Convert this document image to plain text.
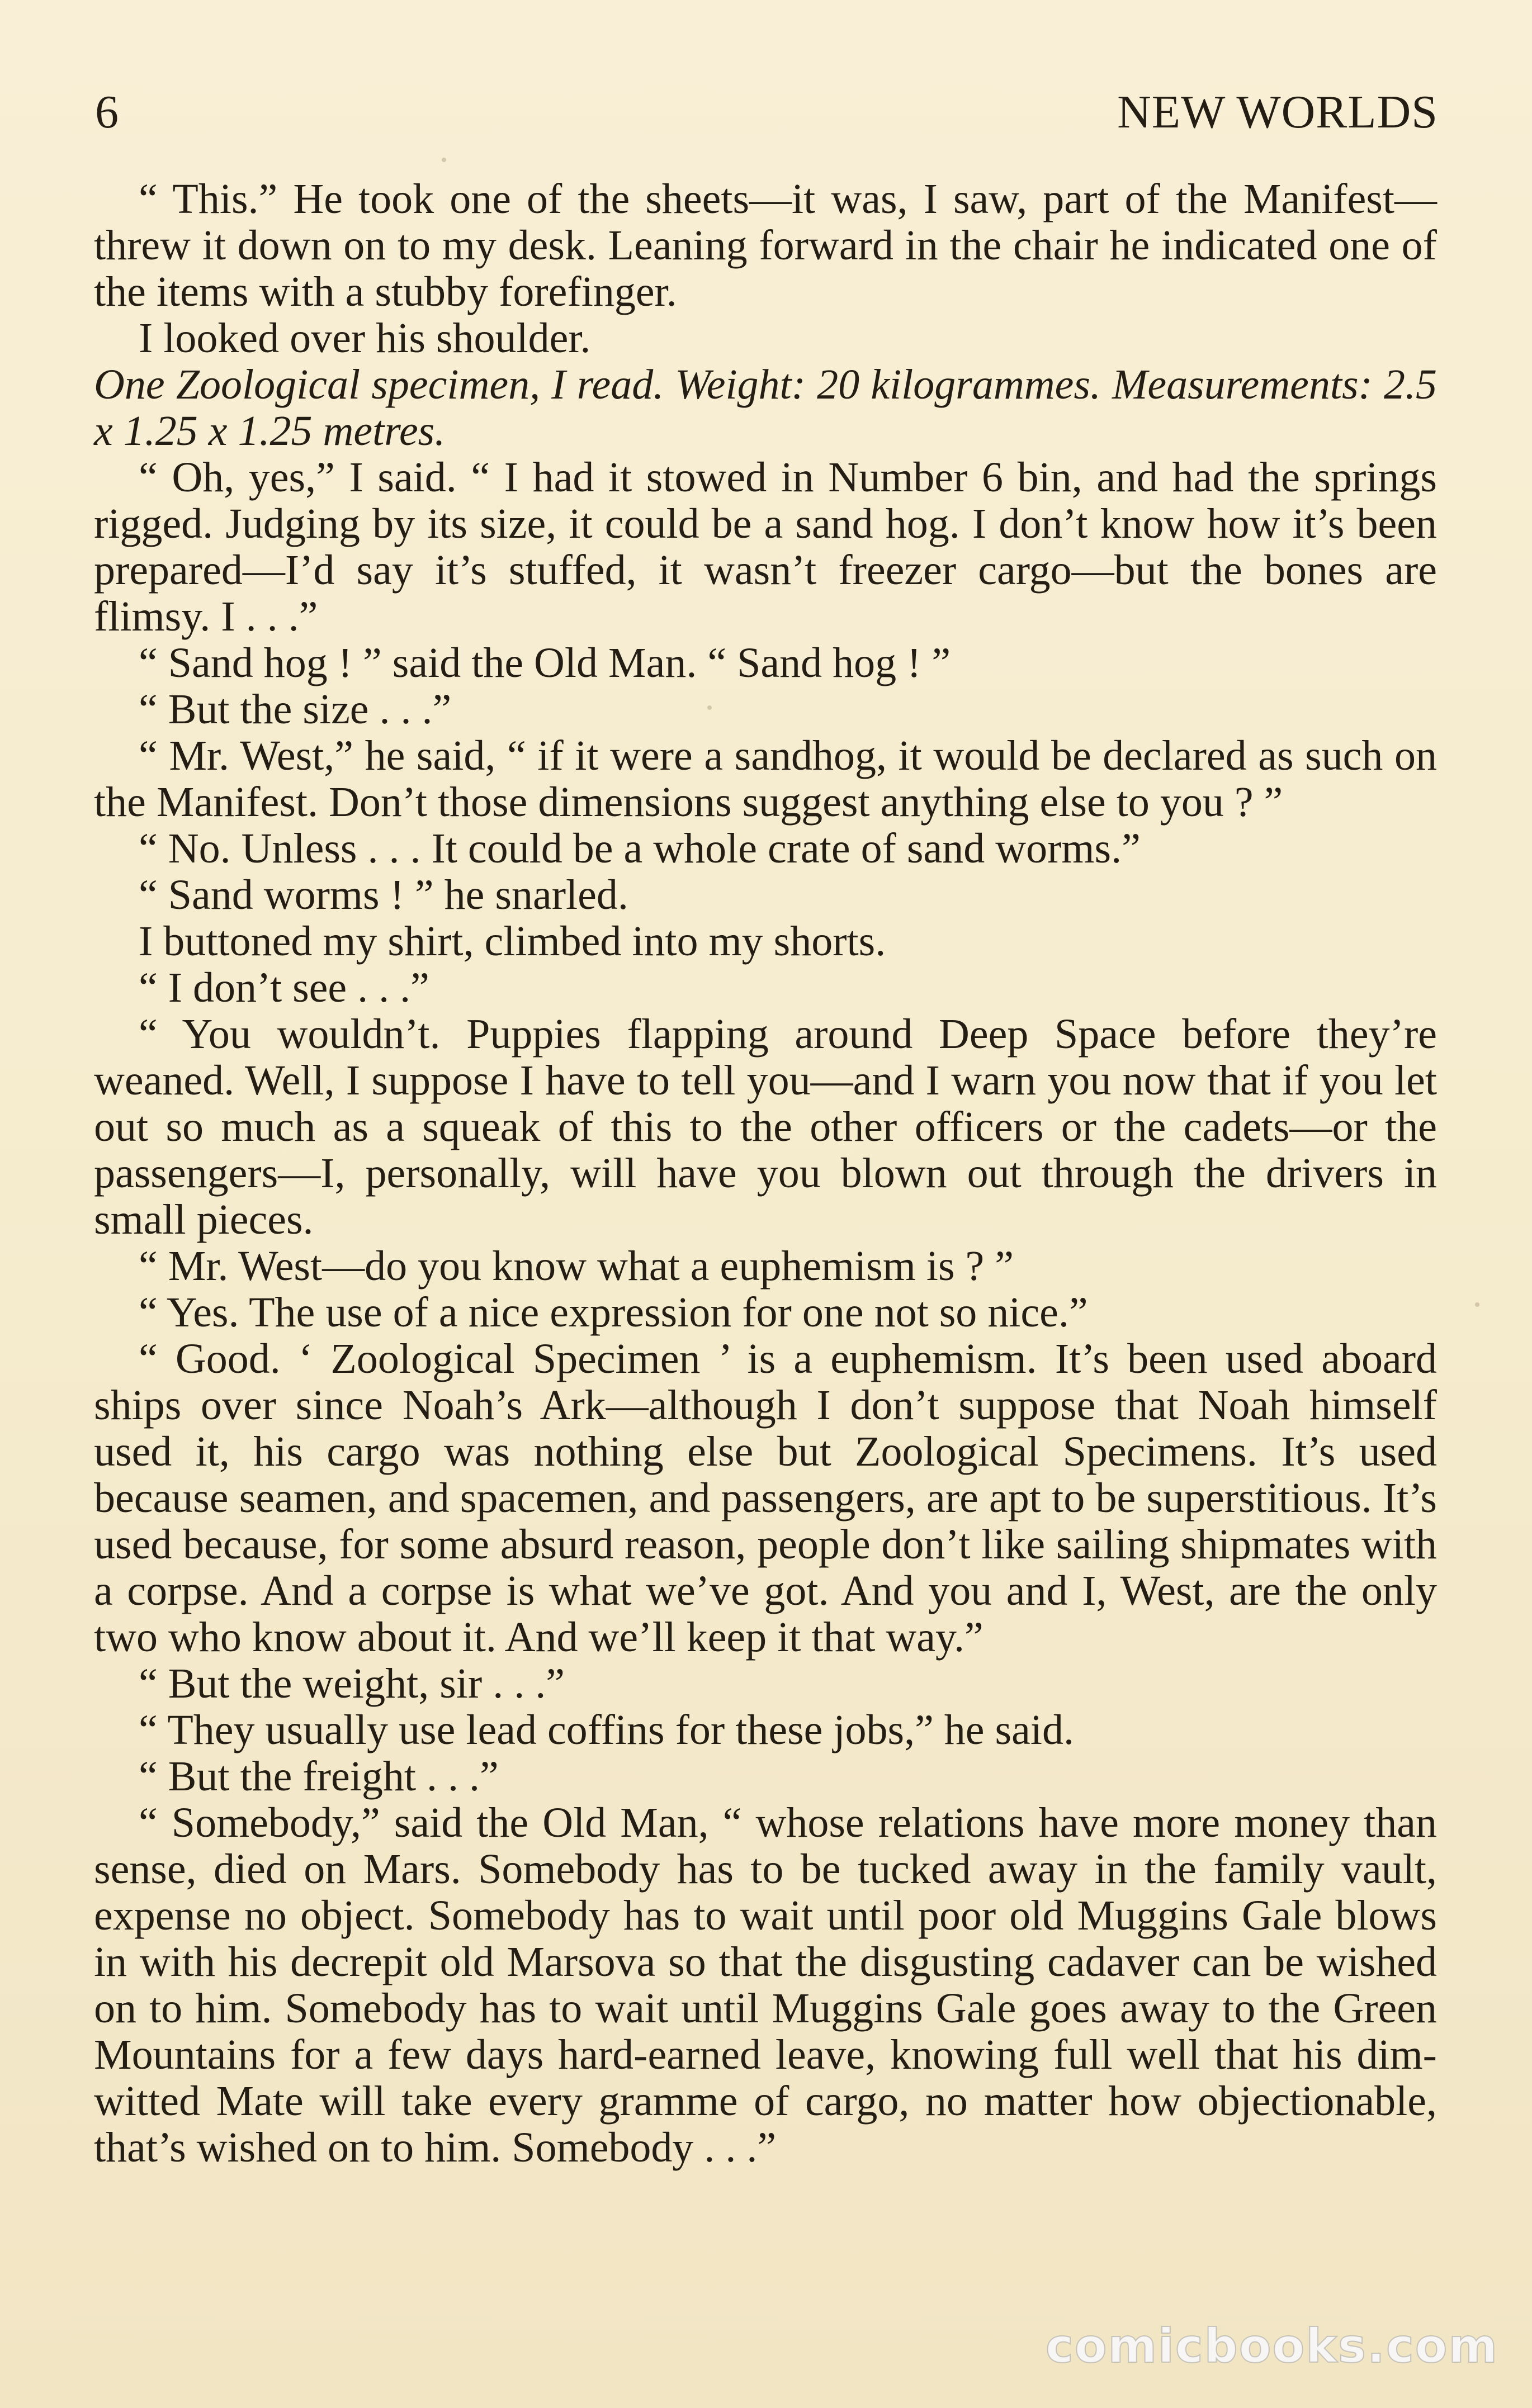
6	NEW WORLDS

“ This.” He took one of the sheets—it was, I saw, part of the Manifest—threw it down on to my desk. Leaning forward in the chair he indicated one of the items with a stubby forefinger.

I looked over his shoulder.

One Zoological specimen, I read. Weight: 20 kilogrammes. Measurements: 2.5 x 1.25 x 1.25 metres.

“ Oh, yes,” I said. “ I had it stowed in Number 6 bin, and had the springs rigged. Judging by its size, it could be a sand hog. I don’t know how it’s been prepared—I’d say it’s stuffed, it wasn’t freezer cargo—but the bones are flimsy. I . . .”

“ Sand hog ! ” said the Old Man. “ Sand hog ! ”

“ But the size . . .”

“ Mr. West,” he said, “ if it were a sandhog, it would be declared as such on the Manifest. Don’t those dimensions suggest anything else to you ? ”

“ No. Unless . . . It could be a whole crate of sand worms.”

“ Sand worms ! ” he snarled.

I buttoned my shirt, climbed into my shorts.

“ I don’t see . . .”

“ You wouldn’t. Puppies flapping around Deep Space before they’re weaned. Well, I suppose I have to tell you—and I warn you now that if you let out so much as a squeak of this to the other officers or the cadets—or the passengers—I, personally, will have you blown out through the drivers in small pieces.

“ Mr. West—do you know what a euphemism is ? ”

“ Yes. The use of a nice expression for one not so nice.”

“ Good. ‘ Zoological Specimen ’ is a euphemism. It’s been used aboard ships over since Noah’s Ark—although I don’t suppose that Noah himself used it, his cargo was nothing else but Zoological Specimens. It’s used because seamen, and spacemen, and passengers, are apt to be superstitious. It’s used because, for some absurd reason, people don’t like sailing shipmates with a corpse. And a corpse is what we’ve got. And you and I, West, are the only two who know about it. And we’ll keep it that way.”

“ But the weight, sir . . .”

“ They usually use lead coffins for these jobs,” he said.

“ But the freight . . .”

“ Somebody,” said the Old Man, “ whose relations have more money than sense, died on Mars. Somebody has to be tucked away in the family vault, expense no object. Somebody has to wait until poor old Muggins Gale blows in with his decrepit old Marsova so that the disgusting cadaver can be wished on to him. Somebody has to wait until Muggins Gale goes away to the Green Mountains for a few days hard-earned leave, knowing full well that his dim-witted Mate will take every gramme of cargo, no matter how objectionable, that’s wished on to him. Somebody . . .”

comicbooks.com
